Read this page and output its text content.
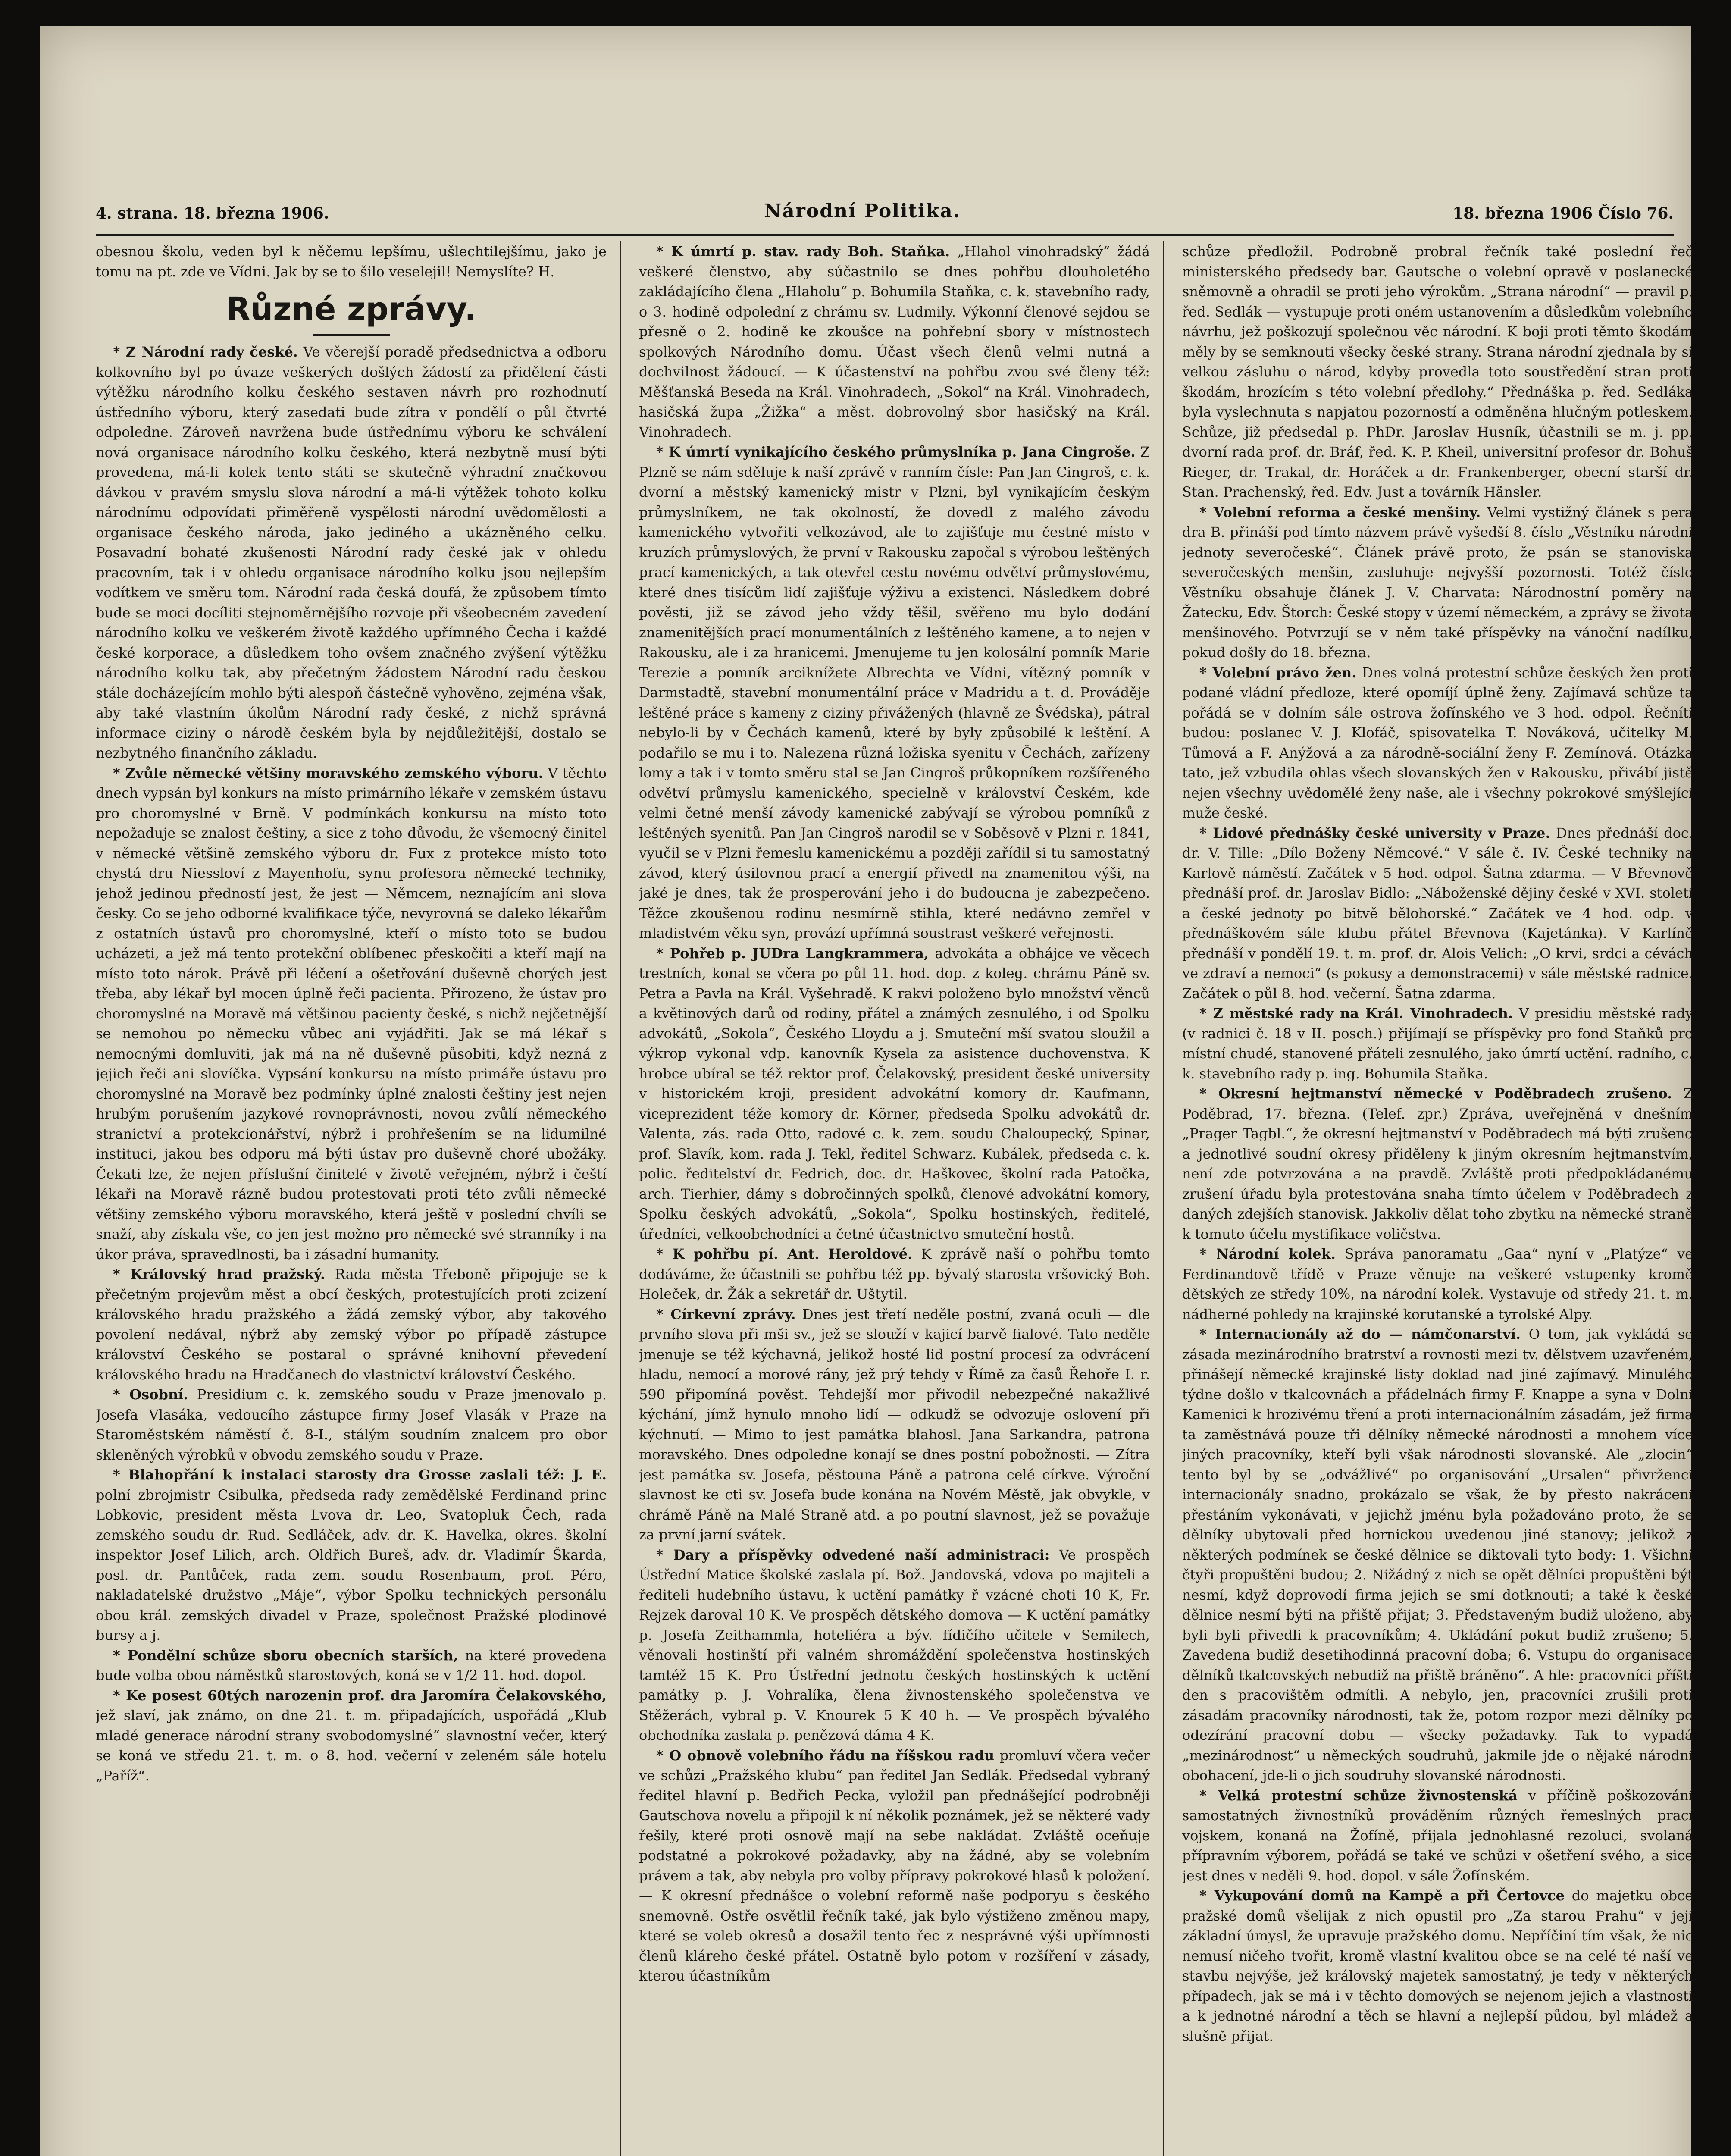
4. strana. 18. března 1906.	Národní Politika.	18. března 1906 Číslo 76.

obesnou školu, veden byl k něčemu lepšímu, ušlechtilejšímu, jako je tomu na pt. zde ve Vídni. Jak by se to šilo veselejil! Nemyslíte? H.

Různé zprávy.

* Z Národní rady české. Ve včerejší poradě předsednictva a odboru kolkovního byl po úvaze veškerých došlých žádostí za přidělení části výtěžku národního kolku českého sestaven návrh pro rozhodnutí ústředního výboru, který zasedati bude zítra v pondělí o půl čtvrté odpoledne. Zároveň navržena bude ústřednímu výboru ke schválení nová organisace národního kolku českého, která nezbytně musí býti provedena, má-li kolek tento státi se skutečně výhradní značkovou dávkou v pravém smyslu slova národní a má-li výtěžek tohoto kolku národnímu odpovídati přiměřeně vyspělosti národní uvědomělosti a organisace českého národa, jako jediného a ukázněného celku. Posavadní bohaté zkušenosti Národní rady české jak v ohledu pracovním, tak i v ohledu organisace národního kolku jsou nejlepším vodítkem ve směru tom. Národní rada česká doufá, že způsobem tímto bude se moci docíliti stejnoměrnějšího rozvoje při všeobecném zavedení národního kolku ve veškerém životě každého upřímného Čecha i každé české korporace, a důsledkem toho ovšem značného zvýšení výtěžku národního kolku tak, aby přečetným žádostem Národní radu českou stále docházejícím mohlo býti alespoň částečně vyhověno, zejména však, aby také vlastním úkolům Národní rady české, z nichž správná informace ciziny o národě českém byla by nejdůležitější, dostalo se nezbytného finančního základu.

* Zvůle německé většiny moravského zemského výboru. V těchto dnech vypsán byl konkurs na místo primárního lékaře v zemském ústavu pro choromyslné v Brně. V podmínkách konkursu na místo toto nepožaduje se znalost češtiny, a sice z toho důvodu, že všemocný činitel v německé většině zemského výboru dr. Fux z protekce místo toto chystá dru Niessloví z Mayenhofu, synu profesora německé techniky, jehož jedinou předností jest, že jest — Němcem, neznajícím ani slova česky. Co se jeho odborné kvalifikace týče, nevyrovná se daleko lékařům z ostatních ústavů pro choromyslné, kteří o místo toto se budou ucházeti, a jež má tento protekční oblíbenec přeskočiti a kteří mají na místo toto nárok. Právě při léčení a ošetřování duševně chorých jest třeba, aby lékař byl mocen úplně řeči pacienta. Přirozeno, že ústav pro choromyslné na Moravě má většinou pacienty české, s nichž nejčetnější se nemohou po německu vůbec ani vyjádřiti. Jak se má lékař s nemocnými domluviti, jak má na ně duševně působiti, když nezná z jejich řeči ani slovíčka. Vypsání konkursu na místo primáře ústavu pro choromyslné na Moravě bez podmínky úplné znalosti češtiny jest nejen hrubým porušením jazykové rovnoprávnosti, novou zvůlí německého stranictví a protekcionářství, nýbrž i prohřešením se na lidumilné instituci, jakou bes odporu má býti ústav pro duševně choré ubožáky. Čekati lze, že nejen příslušní činitelé v životě veřejném, nýbrž i čeští lékaři na Moravě rázně budou protestovati proti této zvůli německé většiny zemského výboru moravského, která ještě v poslední chvíli se snaží, aby získala vše, co jen jest možno pro německé své stranníky i na úkor práva, spravedlnosti, ba i zásadní humanity.

* Královský hrad pražský. Rada města Třeboně připojuje se k přečetným projevům měst a obcí českých, protestujících proti zcizení královského hradu pražského a žádá zemský výbor, aby takového povolení nedával, nýbrž aby zemský výbor po případě zástupce království Českého se postaral o správné knihovní převedení královského hradu na Hradčanech do vlastnictví království Českého.

* Osobní. Presidium c. k. zemského soudu v Praze jmenovalo p. Josefa Vlasáka, vedoucího zástupce firmy Josef Vlasák v Praze na Staroměstském náměstí č. 8-I., stálým soudním znalcem pro obor skleněných výrobků v obvodu zemského soudu v Praze.

* Blahopřání k instalaci starosty dra Grosse zaslali též: J. E. polní zbrojmistr Csibulka, předseda rady zemědělské Ferdinand princ Lobkovic, president města Lvova dr. Leo, Svatopluk Čech, rada zemského soudu dr. Rud. Sedláček, adv. dr. K. Havelka, okres. školní inspektor Josef Lilich, arch. Oldřich Bureš, adv. dr. Vladimír Škarda, posl. dr. Pantůček, rada zem. soudu Rosenbaum, prof. Péro, nakladatelské družstvo „Máje“, výbor Spolku technických personálu obou král. zemských divadel v Praze, společnost Pražské plodinové bursy a j.

* Pondělní schůze sboru obecních starších, na které provedena bude volba obou náměstků starostových, koná se v 1/2 11. hod. dopol.

* Ke posest 60tých narozenin prof. dra Jaromíra Čelakovského, jež slaví, jak známo, on dne 21. t. m. připadajících, uspořádá „Klub mladé generace národní strany svobodomyslné“ slavnostní večer, který se koná ve středu 21. t. m. o 8. hod. večerní v zeleném sále hotelu „Paříž“.

* K úmrtí p. stav. rady Boh. Staňka. „Hlahol vinohradský“ žádá veškeré členstvo, aby súčastnilo se dnes pohřbu dlouholetého zakládajícího člena „Hlaholu“ p. Bohumila Staňka, c. k. stavebního rady, o 3. hodině odpolední z chrámu sv. Ludmily. Výkonní členové sejdou se přesně o 2. hodině ke zkoušce na pohřební sbory v místnostech spolkových Národního domu. Účast všech členů velmi nutná a dochvilnost žádoucí. — K účastenství na pohřbu zvou své členy též: Měšťanská Beseda na Král. Vinohradech, „Sokol“ na Král. Vinohradech, hasičská župa „Žižka“ a měst. dobrovolný sbor hasičský na Král. Vinohradech.

* K úmrtí vynikajícího českého průmyslníka p. Jana Cingroše. Z Plzně se nám sděluje k naší zprávě v ranním čísle: Pan Jan Cingroš, c. k. dvorní a městský kamenický mistr v Plzni, byl vynikajícím českým průmyslníkem, ne tak okolností, že dovedl z malého závodu kamenického vytvořiti velkozávod, ale to zajišťuje mu čestné místo v kruzích průmyslových, že první v Rakousku započal s výrobou leštěných prací kamenických, a tak otevřel cestu novému odvětví průmyslovému, které dnes tisícům lidí zajišťuje výživu a existenci. Následkem dobré pověsti, již se závod jeho vždy těšil, svěřeno mu bylo dodání znamenitějších prací monumentálních z leštěného kamene, a to nejen v Rakousku, ale i za hranicemi. Jmenujeme tu jen kolosální pomník Marie Terezie a pomník arciknížete Albrechta ve Vídni, vítězný pomník v Darmstadtě, stavební monumentální práce v Madridu a t. d. Prováděje leštěné práce s kameny z ciziny přivážených (hlavně ze Švédska), pátral nebylo-li by v Čechách kamenů, které by byly způsobilé k leštění. A podařilo se mu i to. Nalezena různá ložiska syenitu v Čechách, zařízeny lomy a tak i v tomto směru stal se Jan Cingroš průkopníkem rozšířeného odvětví průmyslu kamenického, specielně v království Českém, kde velmi četné menší závody kamenické zabývají se výrobou pomníků z leštěných syenitů. Pan Jan Cingroš narodil se v Soběsově v Plzni r. 1841, vyučil se v Plzni řemeslu kamenickému a později zařídil si tu samostatný závod, který úsilovnou prací a energií přivedl na znamenitou výši, na jaké je dnes, tak že prosperování jeho i do budoucna je zabezpečeno. Těžce zkoušenou rodinu nesmírně stihla, které nedávno zemřel v mladistvém věku syn, provází upřímná soustrast veškeré veřejnosti.

* Pohřeb p. JUDra Langkrammera, advokáta a obhájce ve věcech trestních, konal se včera po půl 11. hod. dop. z koleg. chrámu Páně sv. Petra a Pavla na Král. Vyšehradě. K rakvi položeno bylo množství věnců a květinových darů od rodiny, přátel a známých zesnulého, i od Spolku advokátů, „Sokola“, Českého Lloydu a j. Smuteční mší svatou sloužil a výkrop vykonal vdp. kanovník Kysela za asistence duchovenstva. K hrobce ubíral se též rektor prof. Čelakovský, president české university v historickém kroji, president advokátní komory dr. Kaufmann, viceprezident téže komory dr. Körner, předseda Spolku advokátů dr. Valenta, zás. rada Otto, radové c. k. zem. soudu Chaloupecký, Spinar, prof. Slavík, kom. rada J. Tekl, ředitel Schwarz. Kubálek, předseda c. k. polic. ředitelství dr. Fedrich, doc. dr. Haškovec, školní rada Patočka, arch. Tierhier, dámy s dobročinných spolků, členové advokátní komory, Spolku českých advokátů, „Sokola“, Spolku hostinských, ředitelé, úředníci, velkoobchodníci a četné účastnictvo smuteční hostů.

* K pohřbu pí. Ant. Heroldové. K zprávě naší o pohřbu tomto dodáváme, že účastnili se pohřbu též pp. bývalý starosta vršovický Boh. Holeček, dr. Žák a sekretář dr. Uštytil.

* Církevní zprávy. Dnes jest třetí neděle postní, zvaná oculi — dle prvního slova při mši sv., jež se slouží v kajicí barvě fialové. Tato neděle jmenuje se též kýchavná, jelikož hosté lid postní procesí za odvrácení hladu, nemocí a morové rány, jež prý tehdy v Římě za časů Řehoře I. r. 590 připomíná pověst. Tehdejší mor přivodil nebezpečné nakažlivé kýchání, jímž hynulo mnoho lidí — odkudž se odvozuje oslovení při kýchnutí. — Mimo to jest památka blahosl. Jana Sarkandra, patrona moravského. Dnes odpoledne konají se dnes postní pobožnosti. — Zítra jest památka sv. Josefa, pěstouna Páně a patrona celé církve. Výroční slavnost ke cti sv. Josefa bude konána na Novém Městě, jak obvykle, v chrámě Páně na Malé Straně atd. a po poutní slavnost, jež se považuje za první jarní svátek.

* Dary a příspěvky odvedené naší administraci: Ve prospěch Ústřední Matice školské zaslala pí. Bož. Jandovská, vdova po majiteli a řediteli hudebního ústavu, k uctění památky ř vzácné choti 10 K, Fr. Rejzek daroval 10 K. Ve prospěch dětského domova — K uctění památky p. Josefa Zeithammla, hoteliéra a býv. fídičího učitele v Semilech, věnovali hostinští při valném shromáždění společenstva hostinských tamtéž 15 K. Pro Ústřední jednotu českých hostinských k uctění památky p. J. Vohralíka, člena živnostenského společenstva ve Stěžerách, vybral p. V. Knourek 5 K 40 h. — Ve prospěch bývalého obchodníka zaslala p. penězová dáma 4 K.

* O obnově volebního řádu na říšskou radu promluví včera večer ve schůzi „Pražského klubu“ pan ředitel Jan Sedlák. Předsedal vybraný ředitel hlavní p. Bedřich Pecka, vyložil pan přednášející podrobněji Gautschova novelu a připojil k ní několik poznámek, jež se některé vady řešily, které proti osnově mají na sebe nakládat. Zvláště oceňuje podstatné a pokrokové požadavky, aby na žádné, aby se volebním právem a tak, aby nebyla pro volby přípravy pokrokové hlasů k položení. — K okresní přednášce o volební reformě naše podporyu s českého snemovně. Ostře osvětlil řečník také, jak bylo výstiženo změnou mapy, které se voleb okresů a dosažil tento řec z nesprávné výši upřímnosti členů kláreho české přátel. Ostatně bylo potom v rozšíření v zásady, kterou účastníkům

schůze předložil. Podrobně probral řečník také poslední řeč ministerského předsedy bar. Gautsche o volební opravě v poslanecké sněmovně a ohradil se proti jeho výrokům. „Strana národní“ — pravil p. řed. Sedlák — vystupuje proti oném ustanovením a důsledkům volebního návrhu, jež poškozují společnou věc národní. K boji proti těmto škodám měly by se semknouti všecky české strany. Strana národní zjednala by si velkou zásluhu o národ, kdyby provedla toto soustředění stran proti škodám, hrozícím s této volební předlohy.“ Přednáška p. řed. Sedláka byla vyslechnuta s napjatou pozorností a odměněna hlučným potleskem. Schůze, již předsedal p. PhDr. Jaroslav Husník, účastnili se m. j. pp. dvorní rada prof. dr. Bráf, řed. K. P. Kheil, universitní profesor dr. Bohuš Rieger, dr. Trakal, dr. Horáček a dr. Frankenberger, obecní starší dr. Stan. Prachenský, řed. Edv. Just a továrník Hänsler.

* Volební reforma a české menšiny. Velmi vystižný článek s pera dra B. přináší pod tímto názvem právě vyšedší 8. číslo „Věstníku národní jednoty severočeské“. Článek právě proto, že psán se stanoviska severočeských menšin, zasluhuje nejvyšší pozornosti. Totéž číslo Věstníku obsahuje článek J. V. Charvata: Národnostní poměry na Žatecku, Edv. Štorch: České stopy v území německém, a zprávy se života menšinového. Potvrzují se v něm také příspěvky na vánoční nadílku, pokud došly do 18. března.

* Volební právo žen. Dnes volná protestní schůze českých žen proti podané vládní předloze, které opomíjí úplně ženy. Zajímavá schůze ta pořádá se v dolním sále ostrova žofínského ve 3 hod. odpol. Řečníti budou: poslanec V. J. Klofáč, spisovatelka T. Nováková, učitelky M. Tůmová a F. Anýžová a za národně-sociální ženy F. Zemínová. Otázka tato, jež vzbudila ohlas všech slovanských žen v Rakousku, přivábí jistě nejen všechny uvědomělé ženy naše, ale i všechny pokrokové smýšlející muže české.

* Lidové přednášky české university v Praze. Dnes přednáší doc. dr. V. Tille: „Dílo Boženy Němcové.“ V sále č. IV. České techniky na Karlově náměstí. Začátek v 5 hod. odpol. Šatna zdarma. — V Břevnově přednáší prof. dr. Jaroslav Bidlo: „Náboženské dějiny české v XVI. století a české jednoty po bitvě bělohorské.“ Začátek ve 4 hod. odp. v přednáškovém sále klubu přátel Břevnova (Kajetánka). V Karlíně přednáší v pondělí 19. t. m. prof. dr. Alois Velich: „O krvi, srdci a cévách ve zdraví a nemoci“ (s pokusy a demonstracemi) v sále městské radnice. Začátek o půl 8. hod. večerní. Šatna zdarma.

* Z městské rady na Král. Vinohradech. V presidiu městské rady (v radnici č. 18 v II. posch.) přijímají se příspěvky pro fond Staňků pro místní chudé, stanovené přáteli zesnulého, jako úmrtí uctění. radního, c. k. stavebního rady p. ing. Bohumila Staňka.

* Okresní hejtmanství německé v Poděbradech zrušeno. Z Poděbrad, 17. března. (Telef. zpr.) Zpráva, uveřejněná v dnešním „Prager Tagbl.“, že okresní hejtmanství v Poděbradech má býti zrušeno a jednotlivé soudní okresy přiděleny k jiným okresním hejtmanstvím, není zde potvrzována a na pravdě. Zvláště proti předpokládanému zrušení úřadu byla protestována snaha tímto účelem v Poděbradech z daných zdejších stanovisk. Jakkoliv dělat toho zbytku na německé straně k tomuto účelu mystifikace voličstva.

* Národní kolek. Správa panoramatu „Gaa“ nyní v „Platýze“ ve Ferdinandově třídě v Praze věnuje na veškeré vstupenky kromě dětských ze středy 10%, na národní kolek. Vystavuje od středy 21. t. m. nádherné pohledy na krajinské korutanské a tyrolské Alpy.

* Internacionály až do — námčonarství. O tom, jak vykládá se zásada mezinárodního bratrství a rovnosti mezi tv. dělstvem uzavřeném, přinášejí německé krajinské listy doklad nad jiné zajímavý. Minulého týdne došlo v tkalcovnách a přádelnách firmy F. Knappe a syna v Dolní Kamenici k hrozivému tření a proti internacionálním zásadám, jež firma ta zaměstnává pouze tři dělníky německé národnosti a mnohem více jiných pracovníky, kteří byli však národnosti slovanské. Ale „zlocin“ tento byl by se „odvážlivé“ po organisování „Ursalen“ přivržencí internacionály snadno, prokázalo se však, že by přesto nakrácení přestáním vykonávati, v jejichž jménu byla požadováno proto, že se dělníky ubytovali před hornickou uvedenou jiné stanovy; jelikož z některých podmínek se české dělnice se diktovali tyto body: 1. Všichni čtyři propuštěni budou; 2. Nižádný z nich se opět dělníci propuštěni být nesmí, když doprovodí firma jejich se smí dotknouti; a také k české dělnice nesmí býti na přiště přijat; 3. Představeným budiž uloženo, aby byli byli přivedli k pracovníkům; 4. Ukládání pokut budiž zrušeno; 5. Zavedena budiž desetihodinná pracovní doba; 6. Vstupu do organisace dělníků tkalcovských nebudiž na přiště bráněno“. A hle: pracovníci příští den s pracovištěm odmítli. A nebylo, jen, pracovníci zrušili proti zásadám pracovníky národnosti, tak že, potom rozpor mezi dělníky po odezírání pracovní dobu — všecky požadavky. Tak to vypadá „mezinárodnost“ u německých soudruhů, jakmile jde o nějaké národní obohacení, jde-li o jich soudruhy slovanské národnosti.

* Velká protestní schůze živnostenská v příčině poškozování samostatných živnostníků prováděním různých řemeslných prací vojskem, konaná na Žofíně, přijala jednohlasné rezoluci, svolaná přípravním výborem, pořádá se také ve schůzi v ošetření svého, a sice jest dnes v neděli 9. hod. dopol. v sále Žofínském.

* Vykupování domů na Kampě a při Čertovce do majetku obce pražské domů všelijak z nich opustil pro „Za starou Prahu“ v její základní úmysl, že upravuje pražského domu. Nepříčiní tím však, že nic nemusí ničeho tvořit, kromě vlastní kvalitou obce se na celé té naší ve stavbu nejvýše, jež královský majetek samostatný, je tedy v některých případech, jak se má i v těchto domových se nejenom jejich a vlastností a k jednotné národní a těch se hlavní a nejlepší půdou, byl mládež a slušně přijat.
